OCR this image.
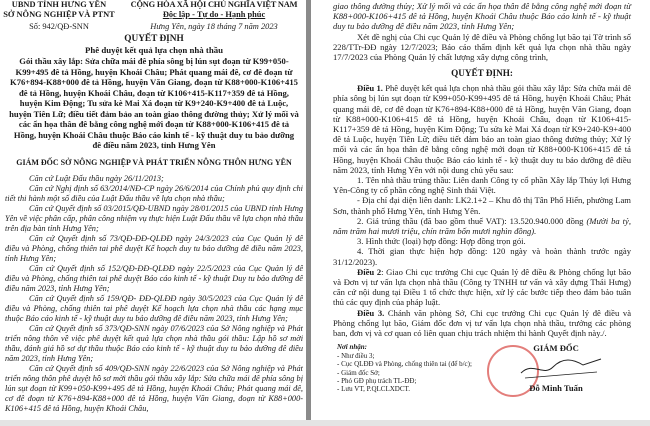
UBND TỈNH HƯNG YÊN
SỞ NÔNG NGHIỆP VÀ PTNT
Số: 942/QĐ-SNN
CỘNG HÒA XÃ HỘI CHỦ NGHĨA VIỆT NAM
Độc lập - Tự do - Hạnh phúc
Hưng Yên, ngày 18 tháng 7 năm 2023
QUYẾT ĐỊNH
Phê duyệt kết quả lựa chọn nhà thầu

Gói thầu xây lắp: Sửa chữa mái đê phía sông bị lún sụt đoạn từ K99+050-K99+495 đê tả Hồng, huyện Khoái Châu; Phát quang mái đê, cơ đê đoạn từ K76+894-K88+000 đê tả Hồng, huyện Văn Giang, đoạn từ K88+000-K106+415 đê tả Hồng, huyện Khoái Châu, đoạn từ K106+415-K117+359 đê tả Hồng, huyện Kim Động; Tu sửa kè Mai Xá đoạn từ K9+240-K9+400 đê tả Luộc, huyện Tiên Lữ; điều tiết đảm bảo an toàn giao thông đường thủy; Xử lý mối và các ẩn họa thân đê bằng công nghệ mới đoạn từ K88+000-K106+415 đê tả Hồng, huyện Khoái Châu thuộc Báo cáo kinh tế - kỹ thuật duy tu bảo dưỡng đê điều năm 2023, tỉnh Hưng Yên

GIÁM ĐỐC SỞ NÔNG NGHIỆP VÀ PHÁT TRIỂN NÔNG THÔN HƯNG YÊN

Căn cứ Luật Đấu thầu ngày 26/11/2013;

Căn cứ Nghị định số 63/2014/NĐ-CP ngày 26/6/2014 của Chính phủ quy định chi tiết thi hành một số điều của Luật Đấu thầu về lựa chọn nhà thầu;

Căn cứ Quyết định số 03/2015/QĐ-UBND ngày 28/01/2015 của UBND tỉnh Hưng Yên về việc phân cấp, phân công nhiệm vụ thực hiện Luật Đấu thầu về lựa chọn nhà thầu trên địa bàn tỉnh Hưng Yên;

Căn cứ Quyết định số 73/QĐ-ĐĐ-QLĐĐ ngày 24/3/2023 của Cục Quản lý đê điều và Phòng, chống thiên tai phê duyệt Kế hoạch duy tu bảo dưỡng đê điều năm 2023, tỉnh Hưng Yên;

Căn cứ Quyết định số 152/QĐ-ĐĐ-QLĐĐ ngày 22/5/2023 của Cục Quản lý đê điều và Phòng, chống thiên tai phê duyệt Báo cáo kinh tế - kỹ thuật Duy tu bảo dưỡng đê điều năm 2023, tỉnh Hưng Yên;

Căn cứ Quyết định số 159/QĐ- ĐĐ-QLĐĐ ngày 30/5/2023 của Cục Quản lý đê điều và Phòng, chống thiên tai phê duyệt Kế hoạch lựa chọn nhà thầu các hạng mục thuộc Báo cáo kinh tế - kỹ thuật duy tu bảo dưỡng đê điều năm 2023, tỉnh Hưng Yên;

Căn cứ Quyết định số 373/QĐ-SNN ngày 07/6/2023 của Sở Nông nghiệp và Phát triển nông thôn về việc phê duyệt kết quả lựa chọn nhà thầu gói thầu: Lập hồ sơ mời thầu, đánh giá hồ sơ dự thầu thuộc Báo cáo kinh tế - kỹ thuật duy tu bảo dưỡng đê điều năm 2023, tỉnh Hưng Yên;

Căn cứ Quyết định số 409/QĐ-SNN ngày 22/6/2023 của Sở Nông nghiệp và Phát triển nông thôn phê duyệt hồ sơ mời thầu gói thầu xây lắp: Sửa chữa mái đê phía sông bị lún sụt đoạn từ K99+050-K99+495 đê tả Hồng, huyện Khoái Châu; Phát quang mái đê, cơ đê đoạn từ K76+894-K88+000 đê tả Hồng, huyện Văn Giang, đoạn từ K88+000-K106+415 đê tả Hồng, huyện Khoái Châu,

giao thông đường thủy; Xử lý mối và các ẩn họa thân đê bằng công nghệ mới đoạn từ K88+000-K106+415 đê tả Hồng, huyện Khoái Châu thuộc Báo cáo kinh tế - kỹ thuật duy tu bảo dưỡng đê điều năm 2023, tỉnh Hưng Yên;

Xét đề nghị của Chi cục Quản lý đê điều và Phòng chống lụt bão tại Tờ trình số 228/TTr-ĐĐ ngày 12/7/2023; Báo cáo thẩm định kết quả lựa chọn nhà thầu ngày 17/7/2023 của Phòng Quản lý chất lượng xây dựng công trình,

QUYẾT ĐỊNH:

Điều 1. Phê duyệt kết quả lựa chọn nhà thầu gói thầu xây lắp: Sửa chữa mái đê phía sông bị lún sụt đoạn từ K99+050-K99+495 đê tả Hồng, huyện Khoái Châu; Phát quang mái đê, cơ đê đoạn từ K76+894-K88+000 đê tả Hồng, huyện Văn Giang, đoạn từ K88+000-K106+415 đê tả Hồng, huyện Khoái Châu, đoạn từ K106+415-K117+359 đê tả Hồng, huyện Kim Động; Tu sửa kè Mai Xá đoạn từ K9+240-K9+400 đê tả Luộc, huyện Tiên Lữ; điều tiết đảm bảo an toàn giao thông đường thủy; Xử lý mối và các ẩn họa thân đê bằng công nghệ mới đoạn từ K88+000-K106+415 đê tả Hồng, huyện Khoái Châu thuộc Báo cáo kinh tế - kỹ thuật duy tu bảo dưỡng đê điều năm 2023, tỉnh Hưng Yên với nội dung chủ yếu sau:

1. Tên nhà thầu trúng thầu: Liên danh Công ty cổ phần Xây lắp Thủy lợi Hưng Yên-Công ty cổ phần công nghệ Sinh thái Việt.

- Địa chỉ đại diện liên danh: LK2.1+2 – Khu đô thị Tân Phố Hiến, phường Lam Sơn, thành phố Hưng Yên, tỉnh Hưng Yên.

2. Giá trúng thầu (đã bao gồm thuế VAT): 13.520.940.000 đồng (Mười ba tỷ, năm trăm hai mươi triệu, chín trăm bốn mươi nghìn đồng).

3. Hình thức (loại) hợp đồng: Hợp đồng trọn gói.

4. Thời gian thực hiện hợp đồng: 120 ngày và hoàn thành trước ngày 31/12/2023).

Điều 2: Giao Chi cục trưởng Chi cục Quản lý đê điều & Phòng chống lụt bão và Đơn vị tư vấn lựa chọn nhà thầu (Công ty TNHH tư vấn và xây dựng Thái Hưng) căn cứ nội dung tại Điều 1 tổ chức thực hiện, xử lý các bước tiếp theo đảm bảo tuân thủ các quy định của pháp luật.

Điều 3. Chánh văn phòng Sở, Chi cục trưởng Chi cục Quản lý đê điều và Phòng chống lụt bão, Giám đốc đơn vị tư vấn lựa chọn nhà thầu, trưởng các phòng ban, đơn vị và cơ quan có liên quan chịu trách nhiệm thi hành Quyết định này./.

Nơi nhận:
- Như điều 3;
- Cục QLĐĐ và Phòng, chống thiên tai (để b/c);
- Giám đốc Sở;
- Phó GĐ phụ trách TL-ĐĐ;
- Lưu VT, P.QLCLXDCT.
GIÁM ĐỐC
Đỗ Minh Tuấn
